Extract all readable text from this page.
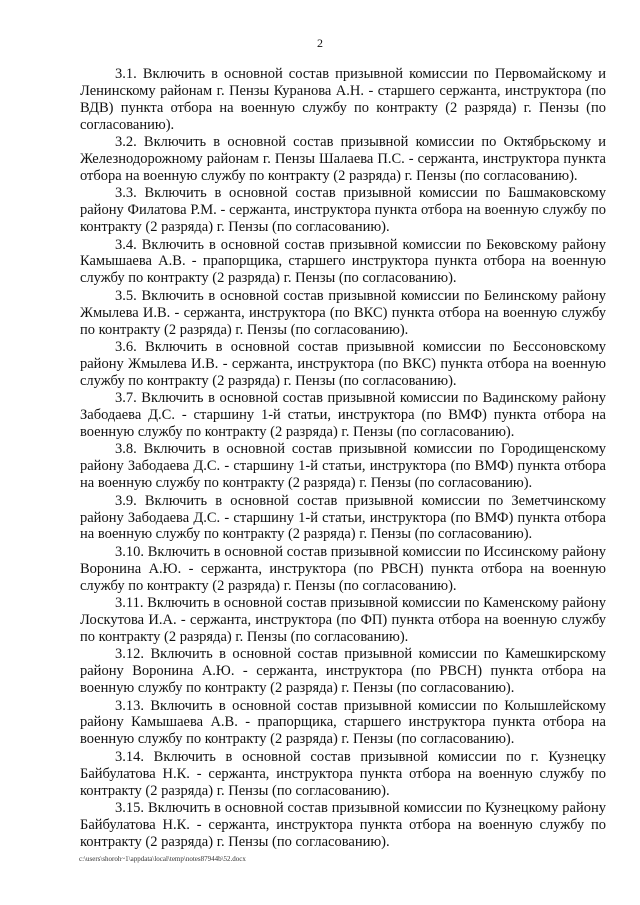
2

3.1. Включить в основной состав призывной комиссии по Первомайскому и Ленинскому районам г. Пензы Куранова А.Н. - старшего сержанта, инструктора (по ВДВ) пункта отбора на военную службу по контракту (2 разряда) г. Пензы (по согласованию).

3.2. Включить в основной состав призывной комиссии по Октябрьскому и Железнодорожному районам г. Пензы Шалаева П.С. - сержанта, инструктора пункта отбора на военную службу по контракту (2 разряда) г. Пензы (по согласованию).

3.3. Включить в основной состав призывной комиссии по Башмаковскому району Филатова Р.М. - сержанта, инструктора пункта отбора на военную службу по контракту (2 разряда) г. Пензы (по согласованию).

3.4. Включить в основной состав призывной комиссии по Бековскому району Камышаева А.В. - прапорщика, старшего инструктора пункта отбора на военную службу по контракту (2 разряда) г. Пензы (по согласованию).

3.5. Включить в основной состав призывной комиссии по Белинскому району Жмылева И.В. - сержанта, инструктора (по ВКС) пункта отбора на военную службу по контракту (2 разряда) г. Пензы (по согласованию).

3.6. Включить в основной состав призывной комиссии по Бессоновскому району Жмылева И.В. - сержанта, инструктора (по ВКС) пункта отбора на военную службу по контракту (2 разряда) г. Пензы (по согласованию).

3.7. Включить в основной состав призывной комиссии по Вадинскому району Забодаева Д.С. - старшину 1-й статьи, инструктора (по ВМФ) пункта отбора на военную службу по контракту (2 разряда) г. Пензы (по согласованию).

3.8. Включить в основной состав призывной комиссии по Городищенскому району Забодаева Д.С. - старшину 1-й статьи, инструктора (по ВМФ) пункта отбора на военную службу по контракту (2 разряда) г. Пензы (по согласованию).

3.9. Включить в основной состав призывной комиссии по Земетчинскому району Забодаева Д.С. - старшину 1-й статьи, инструктора (по ВМФ) пункта отбора на военную службу по контракту (2 разряда) г. Пензы (по согласованию).

3.10. Включить в основной состав призывной комиссии по Иссинскому району Воронина А.Ю. - сержанта, инструктора (по РВСН) пункта отбора на военную службу по контракту (2 разряда) г. Пензы (по согласованию).

3.11. Включить в основной состав призывной комиссии по Каменскому району Лоскутова И.А. - сержанта, инструктора (по ФП) пункта отбора на военную службу по контракту (2 разряда) г. Пензы (по согласованию).

3.12. Включить в основной состав призывной комиссии по Камешкирскому району Воронина А.Ю. - сержанта, инструктора (по РВСН) пункта отбора на военную службу по контракту (2 разряда) г. Пензы (по согласованию).

3.13. Включить в основной состав призывной комиссии по Колышлейскому району Камышаева А.В. - прапорщика, старшего инструктора пункта отбора на военную службу по контракту (2 разряда) г. Пензы (по согласованию).

3.14. Включить в основной состав призывной комиссии по г. Кузнецку Байбулатова Н.К. - сержанта, инструктора пункта отбора на военную службу по контракту (2 разряда) г. Пензы (по согласованию).

3.15. Включить в основной состав призывной комиссии по Кузнецкому району Байбулатова Н.К. - сержанта, инструктора пункта отбора на военную службу по контракту (2 разряда) г. Пензы (по согласованию).

c:\users\shoroh~1\appdata\local\temp\notes87944b\52.docx
